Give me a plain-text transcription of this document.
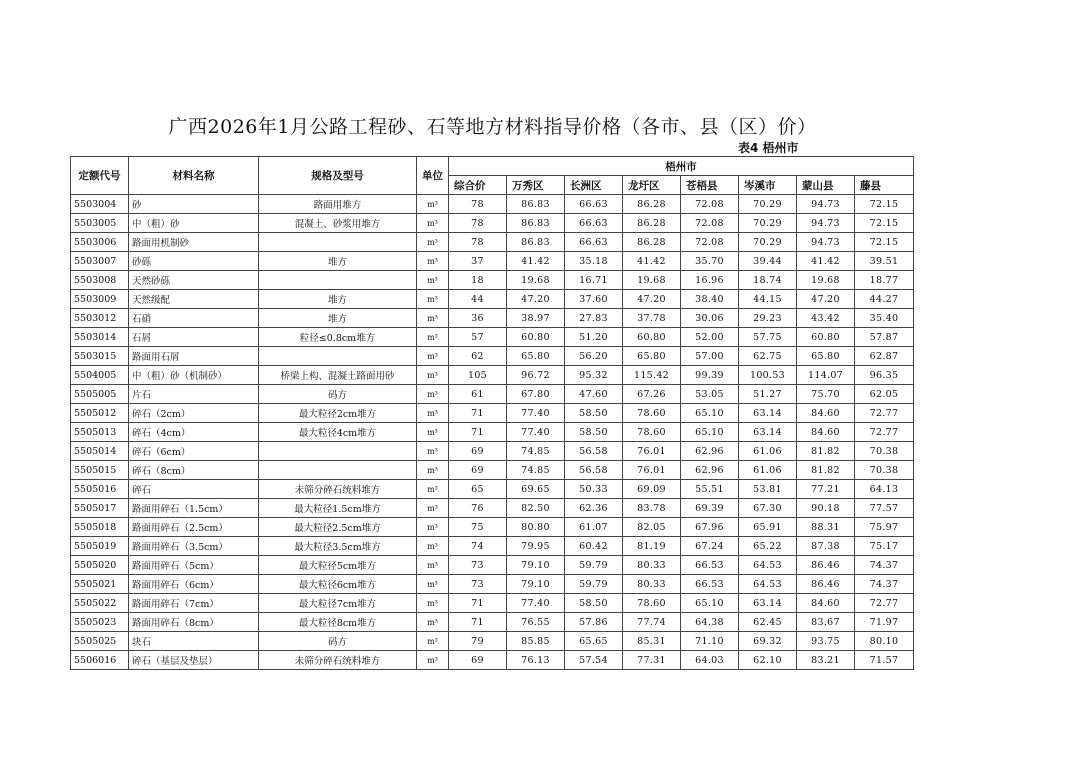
广西2026年1月公路工程砂、石等地方材料指导价格（各市、县（区）价）
表4 梧州市
定额代号	材料名称	规格及型号	单位	梧州市							
				综合价	万秀区	长洲区	龙圩区	苍梧县	岑溪市	蒙山县	藤县
5503004	砂	路面用堆方	m³	78	86.83	66.63	86.28	72.08	70.29	94.73	72.15
5503005	中（粗）砂	混凝土、砂浆用堆方	m³	78	86.83	66.63	86.28	72.08	70.29	94.73	72.15
5503006	路面用机制砂		m³	78	86.83	66.63	86.28	72.08	70.29	94.73	72.15
5503007	砂砾	堆方	m³	37	41.42	35.18	41.42	35.70	39.44	41.42	39.51
5503008	天然砂砾		m³	18	19.68	16.71	19.68	16.96	18.74	19.68	18.77
5503009	天然级配	堆方	m³	44	47.20	37.60	47.20	38.40	44.15	47.20	44.27
5503012	石硝	堆方	m³	36	38.97	27.83	37.78	30.06	29.23	43.42	35.40
5503014	石屑	粒径≤0.8cm堆方	m³	57	60.80	51.20	60.80	52.00	57.75	60.80	57.87
5503015	路面用石屑		m³	62	65.80	56.20	65.80	57.00	62.75	65.80	62.87
5504005	中（粗）砂（机制砂）	桥梁上构、混凝土路面用砂	m³	105	96.72	95.32	115.42	99.39	100.53	114.07	96.35
5505005	片石	码方	m³	61	67.80	47.60	67.26	53.05	51.27	75.70	62.05
5505012	碎石（2cm）	最大粒径2cm堆方	m³	71	77.40	58.50	78.60	65.10	63.14	84.60	72.77
5505013	碎石（4cm）	最大粒径4cm堆方	m³	71	77.40	58.50	78.60	65.10	63.14	84.60	72.77
5505014	碎石（6cm）		m³	69	74.85	56.58	76.01	62.96	61.06	81.82	70.38
5505015	碎石（8cm）		m³	69	74.85	56.58	76.01	62.96	61.06	81.82	70.38
5505016	碎石	未筛分碎石统料堆方	m³	65	69.65	50.33	69.09	55.51	53.81	77.21	64.13
5505017	路面用碎石（1.5cm）	最大粒径1.5cm堆方	m³	76	82.50	62.36	83.78	69.39	67.30	90.18	77.57
5505018	路面用碎石（2.5cm）	最大粒径2.5cm堆方	m³	75	80.80	61.07	82.05	67.96	65.91	88.31	75.97
5505019	路面用碎石（3.5cm）	最大粒径3.5cm堆方	m³	74	79.95	60.42	81.19	67.24	65.22	87.38	75.17
5505020	路面用碎石（5cm）	最大粒径5cm堆方	m³	73	79.10	59.79	80.33	66.53	64.53	86.46	74.37
5505021	路面用碎石（6cm）	最大粒径6cm堆方	m³	73	79.10	59.79	80.33	66.53	64.53	86.46	74.37
5505022	路面用碎石（7cm）	最大粒径7cm堆方	m³	71	77.40	58.50	78.60	65.10	63.14	84.60	72.77
5505023	路面用碎石（8cm）	最大粒径8cm堆方	m³	71	76.55	57.86	77.74	64.38	62.45	83.67	71.97
5505025	块石	码方	m³	79	85.85	65.65	85.31	71.10	69.32	93.75	80.10
5506016	碎石（基层及垫层）	未筛分碎石统料堆方	m³	69	76.13	57.54	77.31	64.03	62.10	83.21	71.57
